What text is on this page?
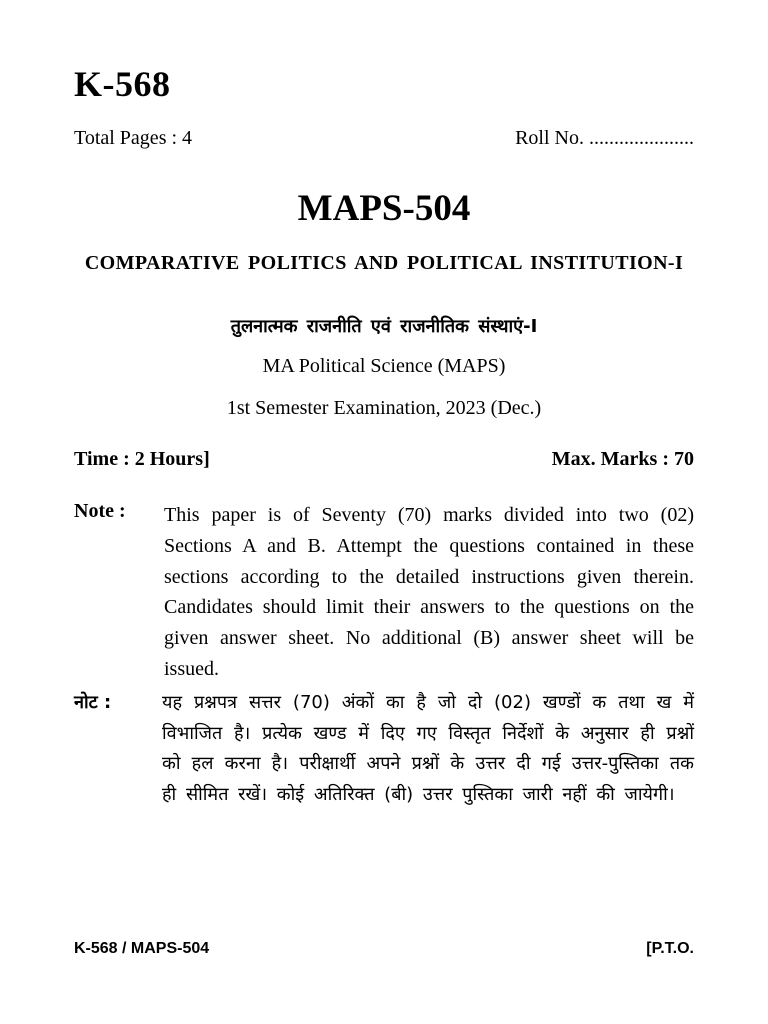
K-568
Total Pages : 4	Roll No. .....................
MAPS-504
COMPARATIVE POLITICS AND POLITICAL INSTITUTION-I
तुलनात्मक राजनीति एवं राजनीतिक संस्थाएं-I
MA Political Science (MAPS)
1st Semester Examination, 2023 (Dec.)
Time : 2 Hours]	Max. Marks : 70
Note : This paper is of Seventy (70) marks divided into two (02) Sections A and B. Attempt the questions contained in these sections according to the detailed instructions given therein. Candidates should limit their answers to the questions on the given answer sheet. No additional (B) answer sheet will be issued.
नोट :	यह प्रश्नपत्र सत्तर (70) अंकों का है जो दो (02) खण्डों क तथा ख में विभाजित है। प्रत्येक खण्ड में दिए गए विस्तृत निर्देशों के अनुसार ही प्रश्नों को हल करना है। परीक्षार्थी अपने प्रश्नों के उत्तर दी गई उत्तर-पुस्तिका तक ही सीमित रखें। कोई अतिरिक्त (बी) उत्तर पुस्तिका जारी नहीं की जायेगी।
K-568 / MAPS-504	[P.T.O.
